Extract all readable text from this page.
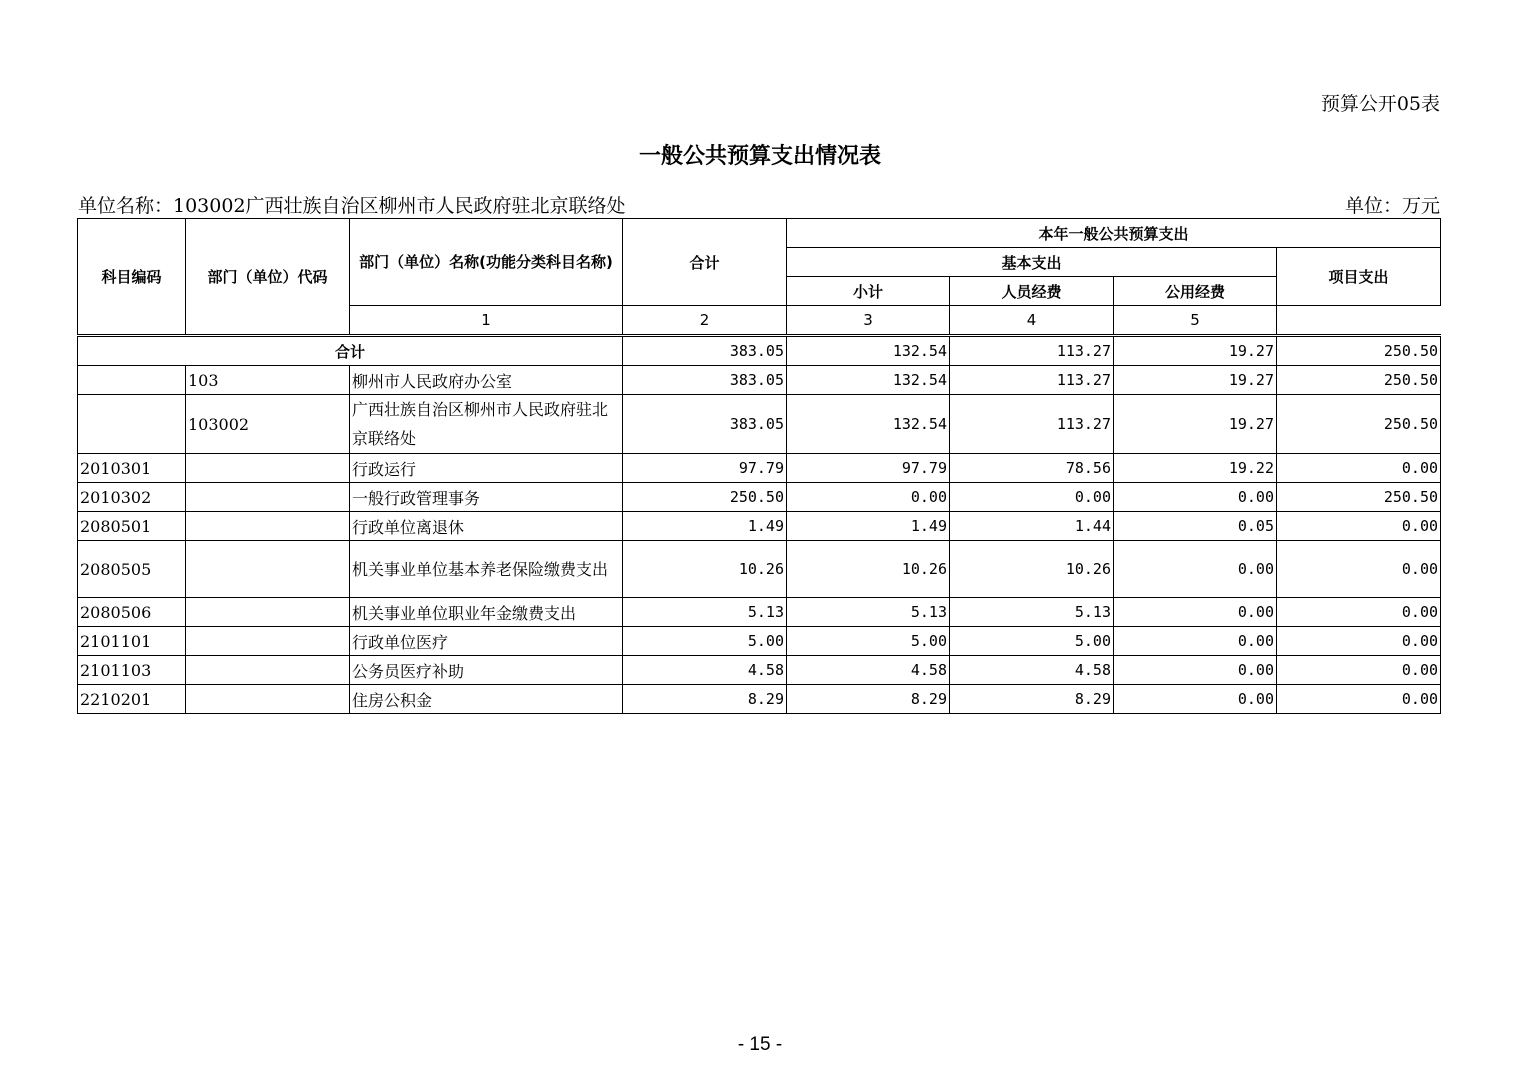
预算公开05表
一般公共预算支出情况表
单位名称：103002广西壮族自治区柳州市人民政府驻北京联络处	单位：万元
科目编码	部门（单位）代码	部门（单位）名称(功能分类科目名称)	合计	本年一般公共预算支出			
				基本支出			项目支出
				小计	人员经费	公用经费	
		1	2	3	4	5	
合计			383.05	132.54	113.27	19.27	250.50
	103	柳州市人民政府办公室	383.05	132.54	113.27	19.27	250.50
	103002	广西壮族自治区柳州市人民政府驻北京联络处	383.05	132.54	113.27	19.27	250.50
2010301		行政运行	97.79	97.79	78.56	19.22	0.00
2010302		一般行政管理事务	250.50	0.00	0.00	0.00	250.50
2080501		行政单位离退休	1.49	1.49	1.44	0.05	0.00
2080505		机关事业单位基本养老保险缴费支出	10.26	10.26	10.26	0.00	0.00
2080506		机关事业单位职业年金缴费支出	5.13	5.13	5.13	0.00	0.00
2101101		行政单位医疗	5.00	5.00	5.00	0.00	0.00
2101103		公务员医疗补助	4.58	4.58	4.58	0.00	0.00
2210201		住房公积金	8.29	8.29	8.29	0.00	0.00
- 15 -
